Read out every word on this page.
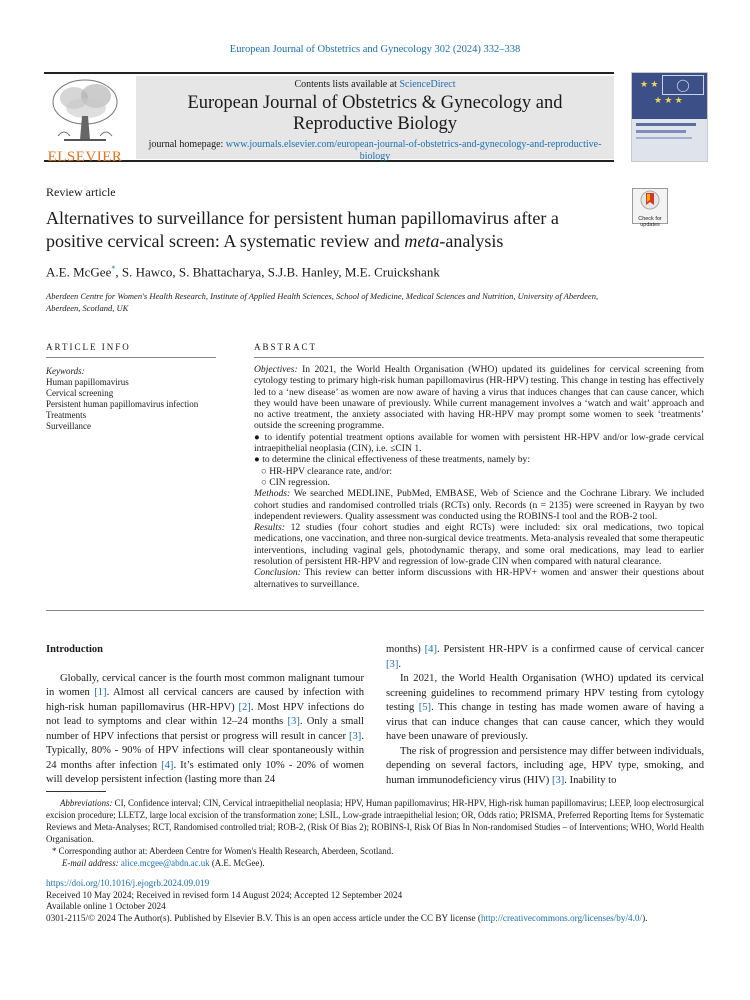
European Journal of Obstetrics and Gynecology 302 (2024) 332–338
ELSEVIER
Contents lists available at ScienceDirect
European Journal of Obstetrics & Gynecology and
Reproductive Biology
journal homepage: www.journals.elsevier.com/european-journal-of-obstetrics-and-gynecology-and-reproductive-biology
★ ★
★ ★ ★
◯
Review article
Check for updates
Alternatives to surveillance for persistent human papillomavirus after a positive cervical screen: A systematic review and meta-analysis
A.E. McGee*, S. Hawco, S. Bhattacharya, S.J.B. Hanley, M.E. Cruickshank
Aberdeen Centre for Women's Health Research, Institute of Applied Health Sciences, School of Medicine, Medical Sciences and Nutrition, University of Aberdeen, Aberdeen, Scotland, UK
ARTICLE INFO	ABSTRACT
Keywords:
Human papillomavirus
Cervical screening
Persistent human papillomavirus infection
Treatments
Surveillance

Objectives: In 2021, the World Health Organisation (WHO) updated its guidelines for cervical screening from cytology testing to primary high-risk human papillomavirus (HR-HPV) testing. This change in testing has effectively led to a ‘new disease’ as women are now aware of having a virus that induces changes that can cause cancer, which they would have been unaware of previously. While current management involves a ‘watch and wait’ approach and no active treatment, the anxiety associated with having HR-HPV may prompt some women to seek ‘treatments’ outside the screening programme.

● to identify potential treatment options available for women with persistent HR-HPV and/or low-grade cervical intraepithelial neoplasia (CIN), i.e. ≤CIN 1.

● to determine the clinical effectiveness of these treatments, namely by:

○ HR-HPV clearance rate, and/or:

○ CIN regression.

Methods: We searched MEDLINE, PubMed, EMBASE, Web of Science and the Cochrane Library. We included cohort studies and randomised controlled trials (RCTs) only. Records (n = 2135) were screened in Rayyan by two independent reviewers. Quality assessment was conducted using the ROBINS-I tool and the ROB-2 tool.

Results: 12 studies (four cohort studies and eight RCTs) were included: six oral medications, two topical medications, one vaccination, and three non-surgical device treatments. Meta-analysis revealed that some therapeutic interventions, including vaginal gels, photodynamic therapy, and some oral medications, may lead to earlier resolution of persistent HR-HPV and regression of low-grade CIN when compared with natural clearance.

Conclusion: This review can better inform discussions with HR-HPV+ women and answer their questions about alternatives to surveillance.

Introduction

Globally, cervical cancer is the fourth most common malignant tumour in women [1]. Almost all cervical cancers are caused by infection with high-risk human papillomavirus (HR-HPV) [2]. Most HPV infections do not lead to symptoms and clear within 12–24 months [3]. Only a small number of HPV infections that persist or progress will result in cancer [3]. Typically, 80% - 90% of HPV infections will clear spontaneously within 24 months after infection [4]. It’s estimated only 10% - 20% of women will develop persistent infection (lasting more than 24

months) [4]. Persistent HR-HPV is a confirmed cause of cervical cancer [3].

In 2021, the World Health Organisation (WHO) updated its cervical screening guidelines to recommend primary HPV testing from cytology testing [5]. This change in testing has made women aware of having a virus that can induce changes that can cause cancer, which they would have been unaware of previously.

The risk of progression and persistence may differ between individuals, depending on several factors, including age, HPV type, smoking, and human immunodeficiency virus (HIV) [3]. Inability to

Abbreviations: CI, Confidence interval; CIN, Cervical intraepithelial neoplasia; HPV, Human papillomavirus; HR-HPV, High-risk human papillomavirus; LEEP, loop electrosurgical excision procedure; LLETZ, large local excision of the transformation zone; LSIL, Low-grade intraepithelial lesion; OR, Odds ratio; PRISMA, Preferred Reporting Items for Systematic Reviews and Meta-Analyses; RCT, Randomised controlled trial; ROB-2, (Risk Of Bias 2); ROBINS-I, Risk Of Bias In Non-randomised Studies – of Interventions; WHO, World Health Organisation.
* Corresponding author at: Aberdeen Centre for Women's Health Research, Aberdeen, Scotland.
E-mail address: alice.mcgee@abdn.ac.uk (A.E. McGee).
https://doi.org/10.1016/j.ejogrb.2024.09.019
Received 10 May 2024; Received in revised form 14 August 2024; Accepted 12 September 2024
Available online 1 October 2024
0301-2115/© 2024 The Author(s). Published by Elsevier B.V. This is an open access article under the CC BY license (http://creativecommons.org/licenses/by/4.0/).
